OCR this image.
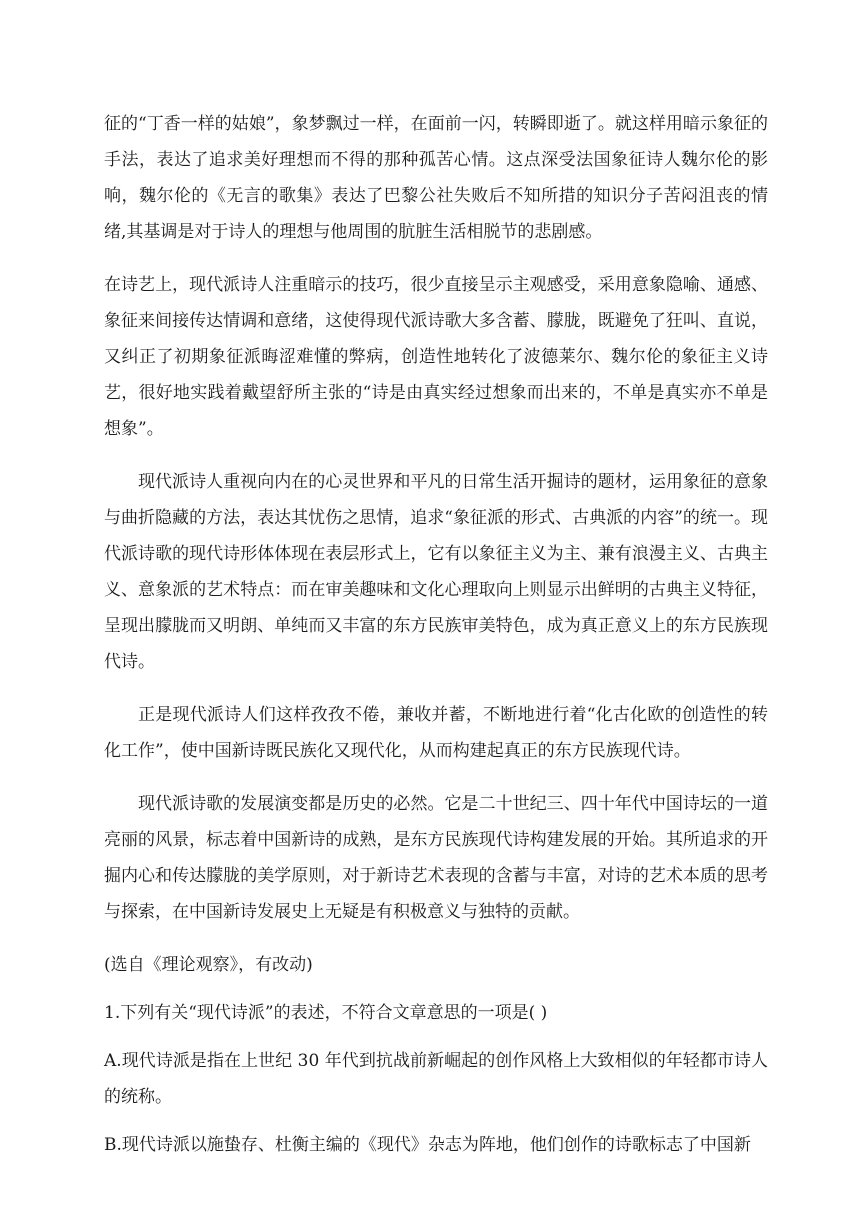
征的“丁香一样的姑娘”，象梦飘过一样，在面前一闪，转瞬即逝了。就这样用暗示象征的手法，表达了追求美好理想而不得的那种孤苦心情。这点深受法国象征诗人魏尔伦的影响，魏尔伦的《无言的歌集》表达了巴黎公社失败后不知所措的知识分子苦闷沮丧的情绪,其基调是对于诗人的理想与他周围的肮脏生活相脱节的悲剧感。

在诗艺上，现代派诗人注重暗示的技巧，很少直接呈示主观感受，采用意象隐喻、通感、象征来间接传达情调和意绪，这使得现代派诗歌大多含蓄、朦胧，既避免了狂叫、直说，又纠正了初期象征派晦涩难懂的弊病，创造性地转化了波德莱尔、魏尔伦的象征主义诗艺，很好地实践着戴望舒所主张的“诗是由真实经过想象而出来的，不单是真实亦不单是想象”。

现代派诗人重视向内在的心灵世界和平凡的日常生活开掘诗的题材，运用象征的意象与曲折隐藏的方法，表达其忧伤之思情，追求“象征派的形式、古典派的内容”的统一。现代派诗歌的现代诗形体体现在表层形式上，它有以象征主义为主、兼有浪漫主义、古典主义、意象派的艺术特点：而在审美趣味和文化心理取向上则显示出鲜明的古典主义特征，呈现出朦胧而又明朗、单纯而又丰富的东方民族审美特色，成为真正意义上的东方民族现代诗。

正是现代派诗人们这样孜孜不倦，兼收并蓄，不断地进行着“化古化欧的创造性的转化工作”，使中国新诗既民族化又现代化，从而构建起真正的东方民族现代诗。

现代派诗歌的发展演变都是历史的必然。它是二十世纪三、四十年代中国诗坛的一道亮丽的风景，标志着中国新诗的成熟，是东方民族现代诗构建发展的开始。其所追求的开掘内心和传达朦胧的美学原则，对于新诗艺术表现的含蓄与丰富，对诗的艺术本质的思考与探索，在中国新诗发展史上无疑是有积极意义与独特的贡献。

(选自《理论观察》，有改动)

1.下列有关“现代诗派”的表述，不符合文章意思的一项是( )

A.现代诗派是指在上世纪 30 年代到抗战前新崛起的创作风格上大致相似的年轻都市诗人的统称。

B.现代诗派以施蛰存、杜衡主编的《现代》杂志为阵地，他们创作的诗歌标志了中国新
